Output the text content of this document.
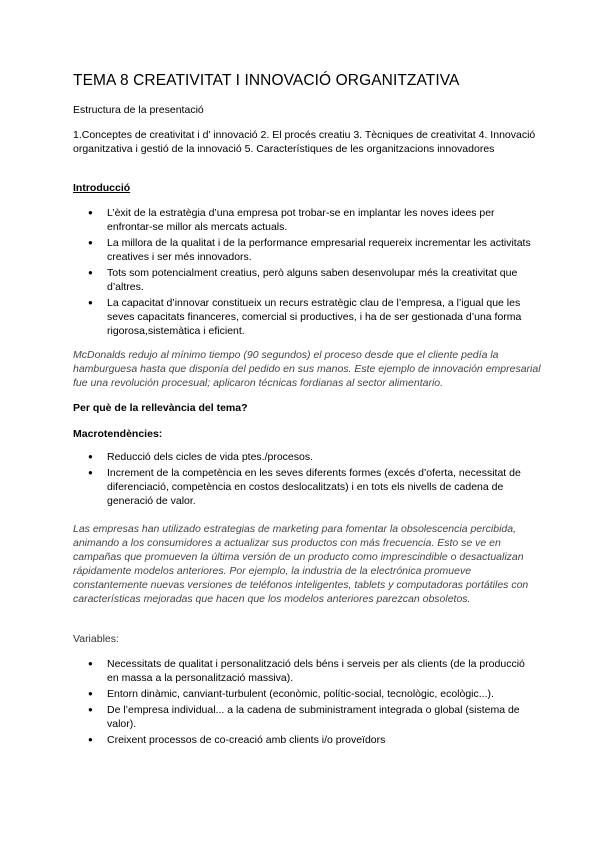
TEMA 8 CREATIVITAT I INNOVACIÓ ORGANITZATIVA

Estructura de la presentació

1.Conceptes de creativitat i d’ innovació 2. El procés creatiu 3. Tècniques de creativitat 4. Innovació organitzativa i gestió de la innovació 5. Característiques de les organitzacions innovadores

Introducció

● L’èxit de la estratègia d’una empresa pot trobar-se en implantar les noves idees per enfrontar-se millor als mercats actuals.
● La millora de la qualitat i de la performance empresarial requereix incrementar les activitats creatives i ser més innovadors.
● Tots som potencialment creatius, però alguns saben desenvolupar més la creativitat que d’altres.
● La capacitat d’innovar constitueix un recurs estratègic clau de l’empresa, a l’igual que les seves capacitats financeres, comercial si productives, i ha de ser gestionada d’una forma rigorosa,sistemàtica i eficient.

McDonalds redujo al mínimo tiempo (90 segundos) el proceso desde que el cliente pedía la hamburguesa hasta que disponía del pedido en sus manos. Este ejemplo de innovación empresarial fue una revolución procesual; aplicaron técnicas fordianas al sector alimentario.

Per què de la rellevància del tema?

Macrotendències:

● Reducció dels cicles de vida ptes./procesos.
● Increment de la competència en les seves diferents formes (excés d’oferta, necessitat de diferenciació, competència en costos deslocalitzats) i en tots els nivells de cadena de generació de valor.

Las empresas han utilizado estrategias de marketing para fomentar la obsolescencia percibida, animando a los consumidores a actualizar sus productos con más frecuencia. Esto se ve en campañas que promueven la última versión de un producto como imprescindible o desactualizan rápidamente modelos anteriores. Por ejemplo, la industria de la electrónica promueve constantemente nuevas versiones de teléfonos inteligentes, tablets y computadoras portátiles con características mejoradas que hacen que los modelos anteriores parezcan obsoletos.

Variables:

● Necessitats de qualitat i personalització dels béns i serveis per als clients (de la producció en massa a la personalització massiva).
● Entorn dinàmic, canviant-turbulent (econòmic, polític-social, tecnològic, ecològic...).
● De l’empresa individual... a la cadena de subministrament integrada o global (sistema de valor).
● Creixent processos de co-creació amb clients i/o proveïdors
